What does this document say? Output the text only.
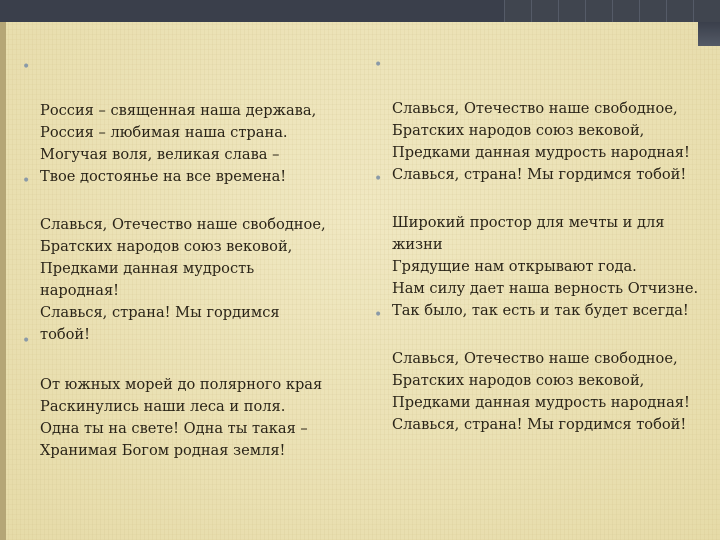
•

Россия – священная наша держава,
Россия – любимая наша страна.
Могучая воля, великая слава –
Твое достоянье на все времена!

•

Славься, Отечество наше свободное,
Братских народов союз вековой,
Предками данная мудрость
народная!
Славься, страна! Мы гордимся
тобой!

•

От южных морей до полярного края
Раскинулись наши леса и поля.
Одна ты на свете! Одна ты такая –
Хранимая Богом родная земля!

•

Славься, Отечество наше свободное,
Братских народов союз вековой,
Предками данная мудрость народная!
Славься, страна! Мы гордимся тобой!

•

Широкий простор для мечты и для
жизни
Грядущие нам открывают года.
Нам силу дает наша верность Отчизне.
Так было, так есть и так будет всегда!

•

Славься, Отечество наше свободное,
Братских народов союз вековой,
Предками данная мудрость народная!
Славься, страна! Мы гордимся тобой!
